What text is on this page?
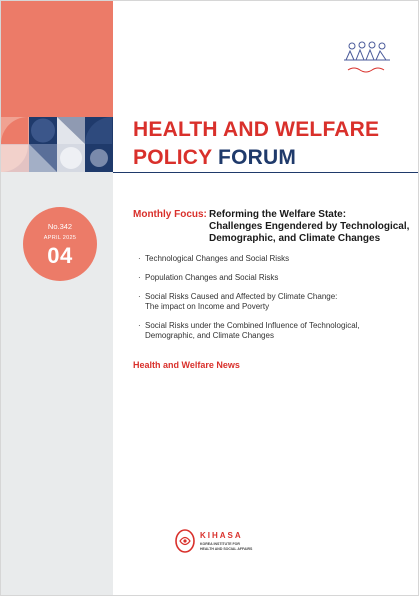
HEALTH AND WELFARE
POLICY FORUM
No.342
APRIL 2025
04
Monthly Focus: Reforming the Welfare State:
Challenges Engendered by Technological,
Demographic, and Climate Changes
· Technological Changes and Social Risks
· Population Changes and Social Risks
· Social Risks Caused and Affected by Climate Change:
The impact on Income and Poverty
· Social Risks under the Combined Influence of Technological,
Demographic, and Climate Changes
Health and Welfare News
KIHASA
KOREA INSTITUTE FOR
HEALTH AND SOCIAL AFFAIRS
